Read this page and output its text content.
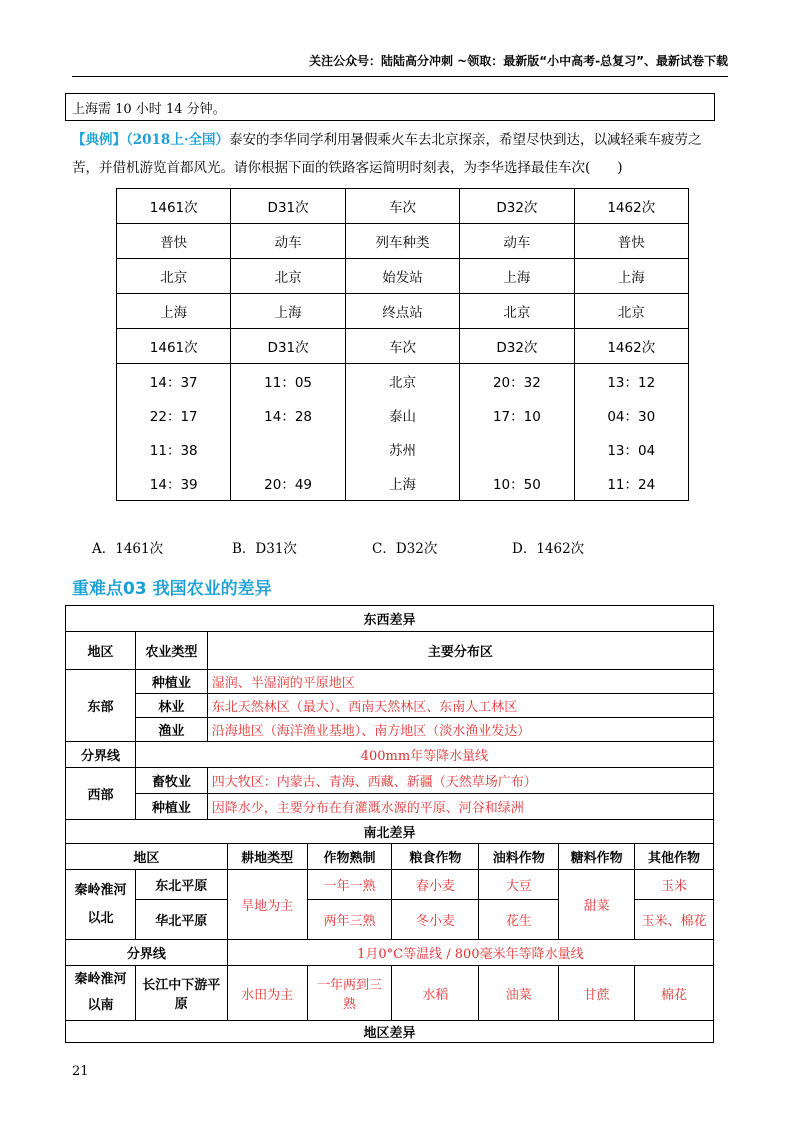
关注公众号：陆陆高分冲刺 ~领取：最新版“小中高考-总复习”、最新试卷下载
上海需 10 小时 14 分钟。
【典例】（2018上·全国）泰安的李华同学利用暑假乘火车去北京探亲，希望尽快到达，以减轻乘车疲劳之苦，并借机游览首都风光。请你根据下面的铁路客运简明时刻表，为李华选择最佳车次(　　)
1461次	D31次	车次	D32次	1462次
普快	动车	列车种类	动车	普快
北京	北京	始发站	上海	上海
上海	上海	终点站	北京	北京
1461次	D31次	车次	D32次	1462次
14：37	11：05	北京	20：32	13：12
22：17	14：28	泰山	17：10	04：30
11：38		苏州		13：04
14：39	20：49	上海	10：50	11：24
A．1461次	B．D31次	C．D32次	D．1462次
重难点03 我国农业的差异
东西差异								
地区	农业类型	主要分布区						
东部	种植业	湿润、半湿润的平原地区						
	林业	东北天然林区（最大）、西南天然林区、东南人工林区						
	渔业	沿海地区（海洋渔业基地）、南方地区（淡水渔业发达）						
分界线	400mm年等降水量线							
西部	畜牧业	四大牧区：内蒙古、青海、西藏、新疆（天然草场广布）						
	种植业	因降水少，主要分布在有灌溉水源的平原、河谷和绿洲						
南北差异								
地区			耕地类型	作物熟制	粮食作物	油料作物	糖料作物	其他作物
秦岭淮河以北	东北平原		旱地为主	一年一熟	春小麦	大豆	甜菜	玉米
	华北平原			两年三熟	冬小麦	花生		玉米、棉花
分界线			1月0°C等温线 / 800毫米年等降水量线					
秦岭淮河以南	长江中下游平原		水田为主	一年两到三熟	水稻	油菜	甘蔗	棉花
地区差异								
21
